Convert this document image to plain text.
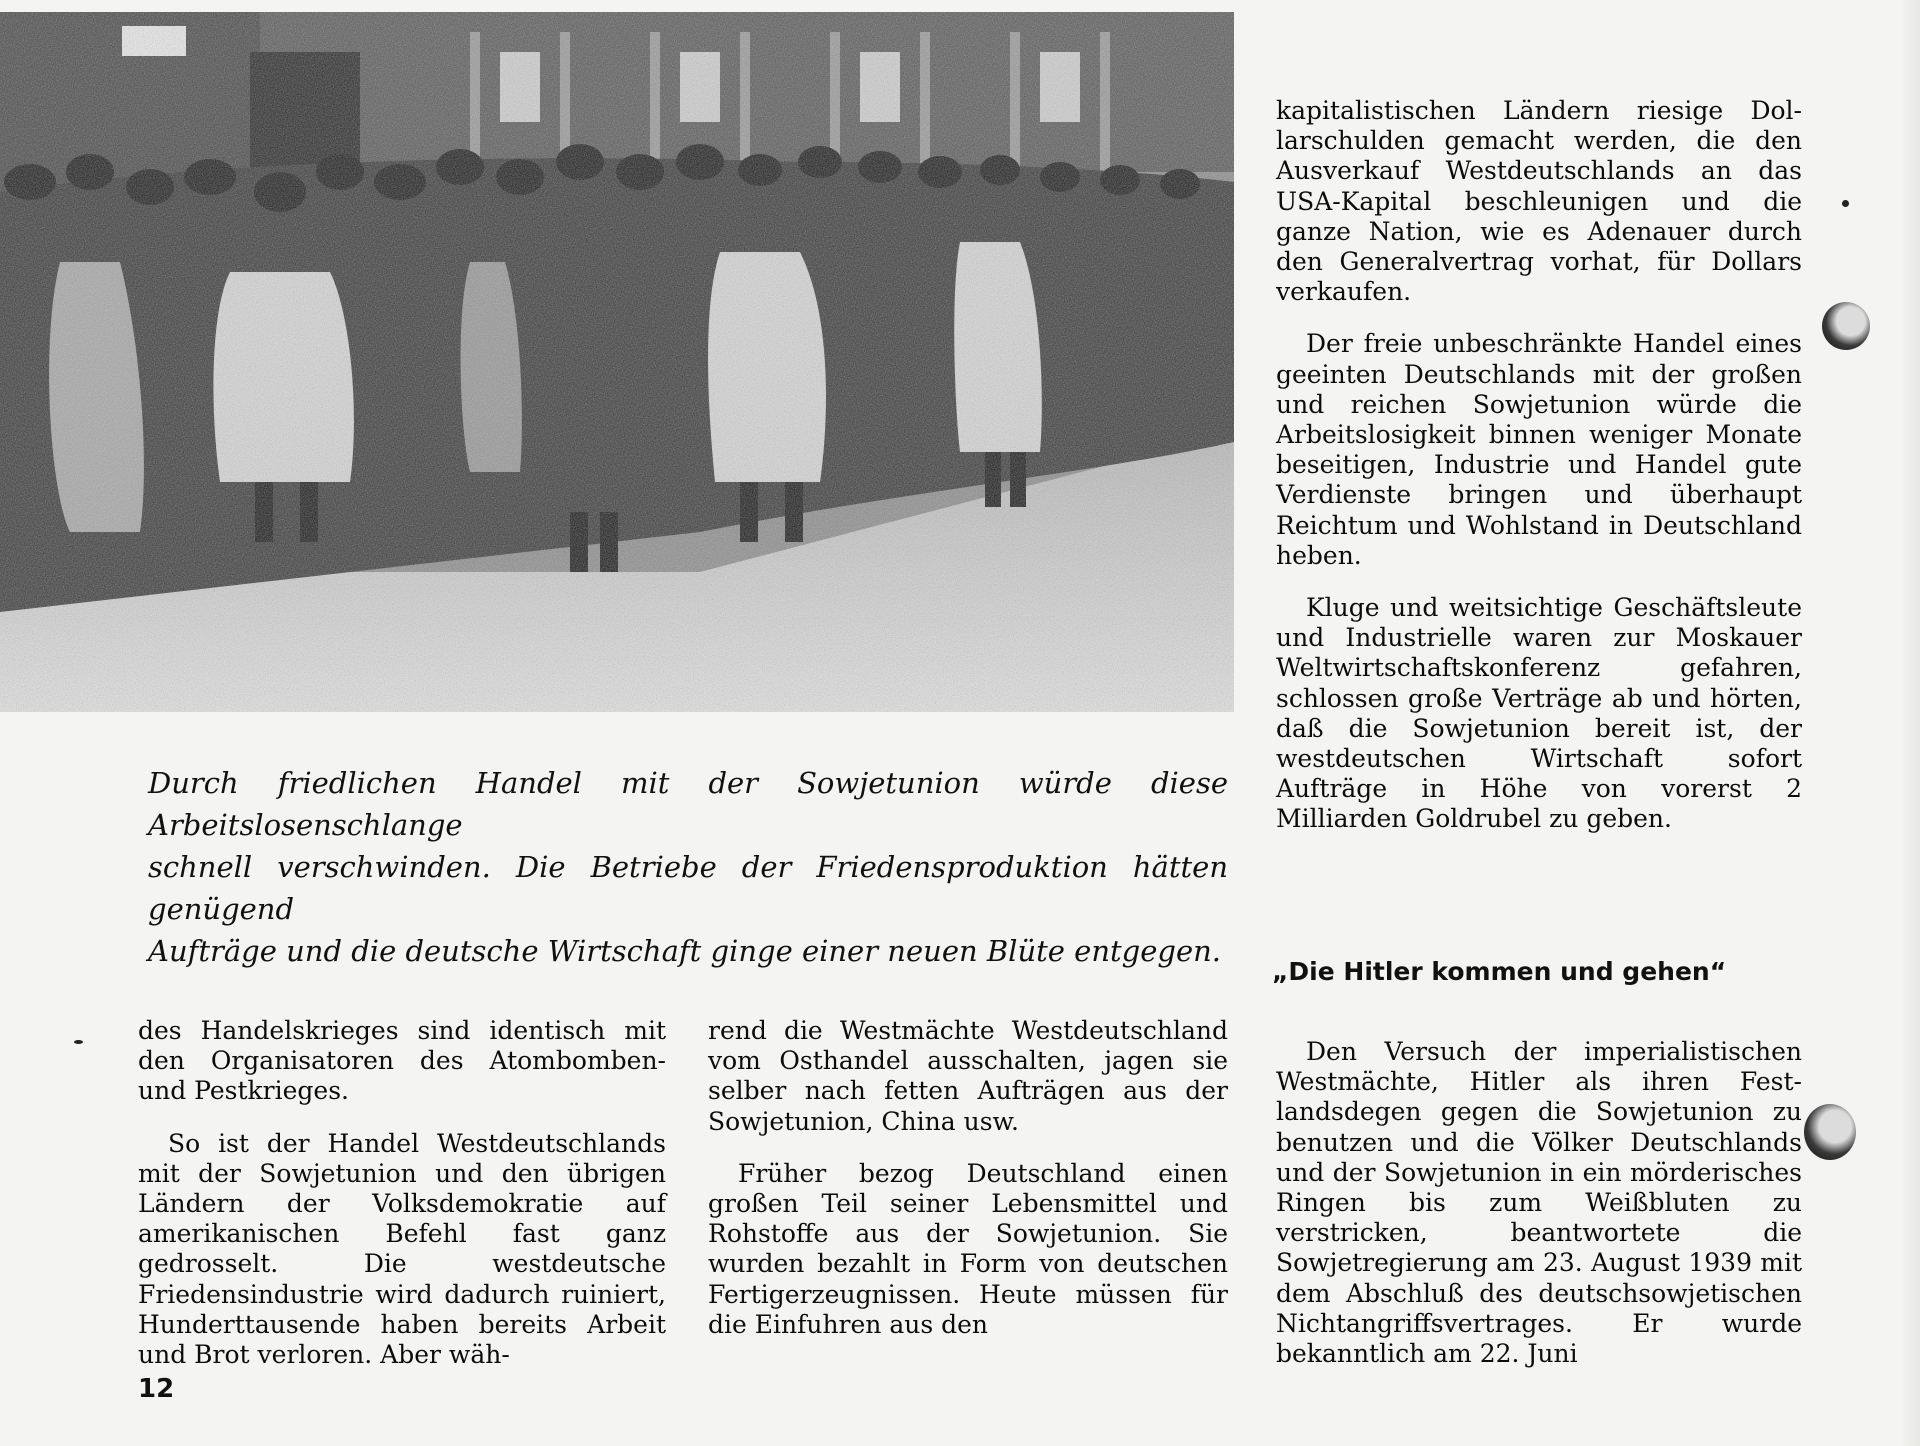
Durch friedlichen Handel mit der Sowjetunion würde diese Arbeitslosenschlange
schnell verschwinden. Die Betriebe der Friedensproduktion hätten genügend
Aufträge und die deutsche Wirtschaft ginge einer neuen Blüte entgegen.

des Handelskrieges sind identisch mit den Organisatoren des Atombomben- und Pestkrieges.

So ist der Handel Westdeutschlands mit der Sowjetunion und den übrigen Ländern der Volksdemokratie auf amerikanischen Befehl fast ganz gedrosselt. Die westdeutsche Friedensindustrie wird dadurch ruiniert, Hunderttausende haben bereits Arbeit und Brot verloren. Aber wäh-

rend die Westmächte Westdeutschland vom Osthandel ausschalten, jagen sie selber nach fetten Aufträgen aus der Sowjetunion, China usw.

Früher bezog Deutschland einen großen Teil seiner Lebensmittel und Rohstoffe aus der Sowjetunion. Sie wurden bezahlt in Form von deutschen Fertigerzeugnissen. Heute müssen für die Einfuhren aus den

kapitalistischen Ländern riesige Dollarschulden gemacht werden, die den Ausverkauf Westdeutschlands an das USA-Kapital beschleunigen und die ganze Nation, wie es Adenauer durch den Generalvertrag vorhat, für Dollars verkaufen.

Der freie unbeschränkte Handel eines geeinten Deutschlands mit der großen und reichen Sowjetunion würde die Arbeitslosigkeit binnen weniger Monate beseitigen, Industrie und Handel gute Verdienste bringen und überhaupt Reichtum und Wohlstand in Deutschland heben.

Kluge und weitsichtige Geschäftsleute und Industrielle waren zur Moskauer Weltwirtschaftskonferenz gefahren, schlossen große Verträge ab und hörten, daß die Sowjetunion bereit ist, der westdeutschen Wirtschaft sofort Aufträge in Höhe von vorerst 2 Milliarden Goldrubel zu geben.

„Die Hitler kommen und gehen“

Den Versuch der imperialistischen Westmächte, Hitler als ihren Festlandsdegen gegen die Sowjetunion zu benutzen und die Völker Deutschlands und der Sowjetunion in ein mörderisches Ringen bis zum Weißbluten zu verstricken, beantwortete die Sowjetregierung am 23. August 1939 mit dem Abschluß des deutschsowjetischen Nichtangriffsvertrages. Er wurde bekanntlich am 22. Juni

12
